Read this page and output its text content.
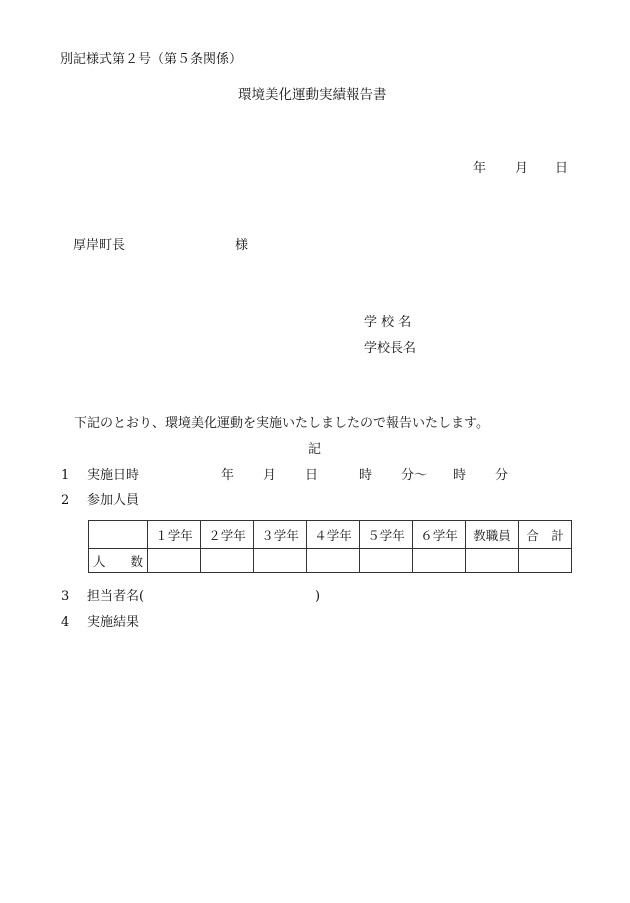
別記様式第２号（第５条関係）
環境美化運動実績報告書
年	月	日
厚岸町長	様
学 校 名
学校長名
下記のとおり、環境美化運動を実施いたしましたので報告いたします。
記
1	実施日時	年	月	日	時	分〜	時	分
2	参加人員
	１学年	２学年	３学年	４学年	５学年	６学年	教職員	合　計
人　　数								
3	担当者名 (	)
4	実施結果
